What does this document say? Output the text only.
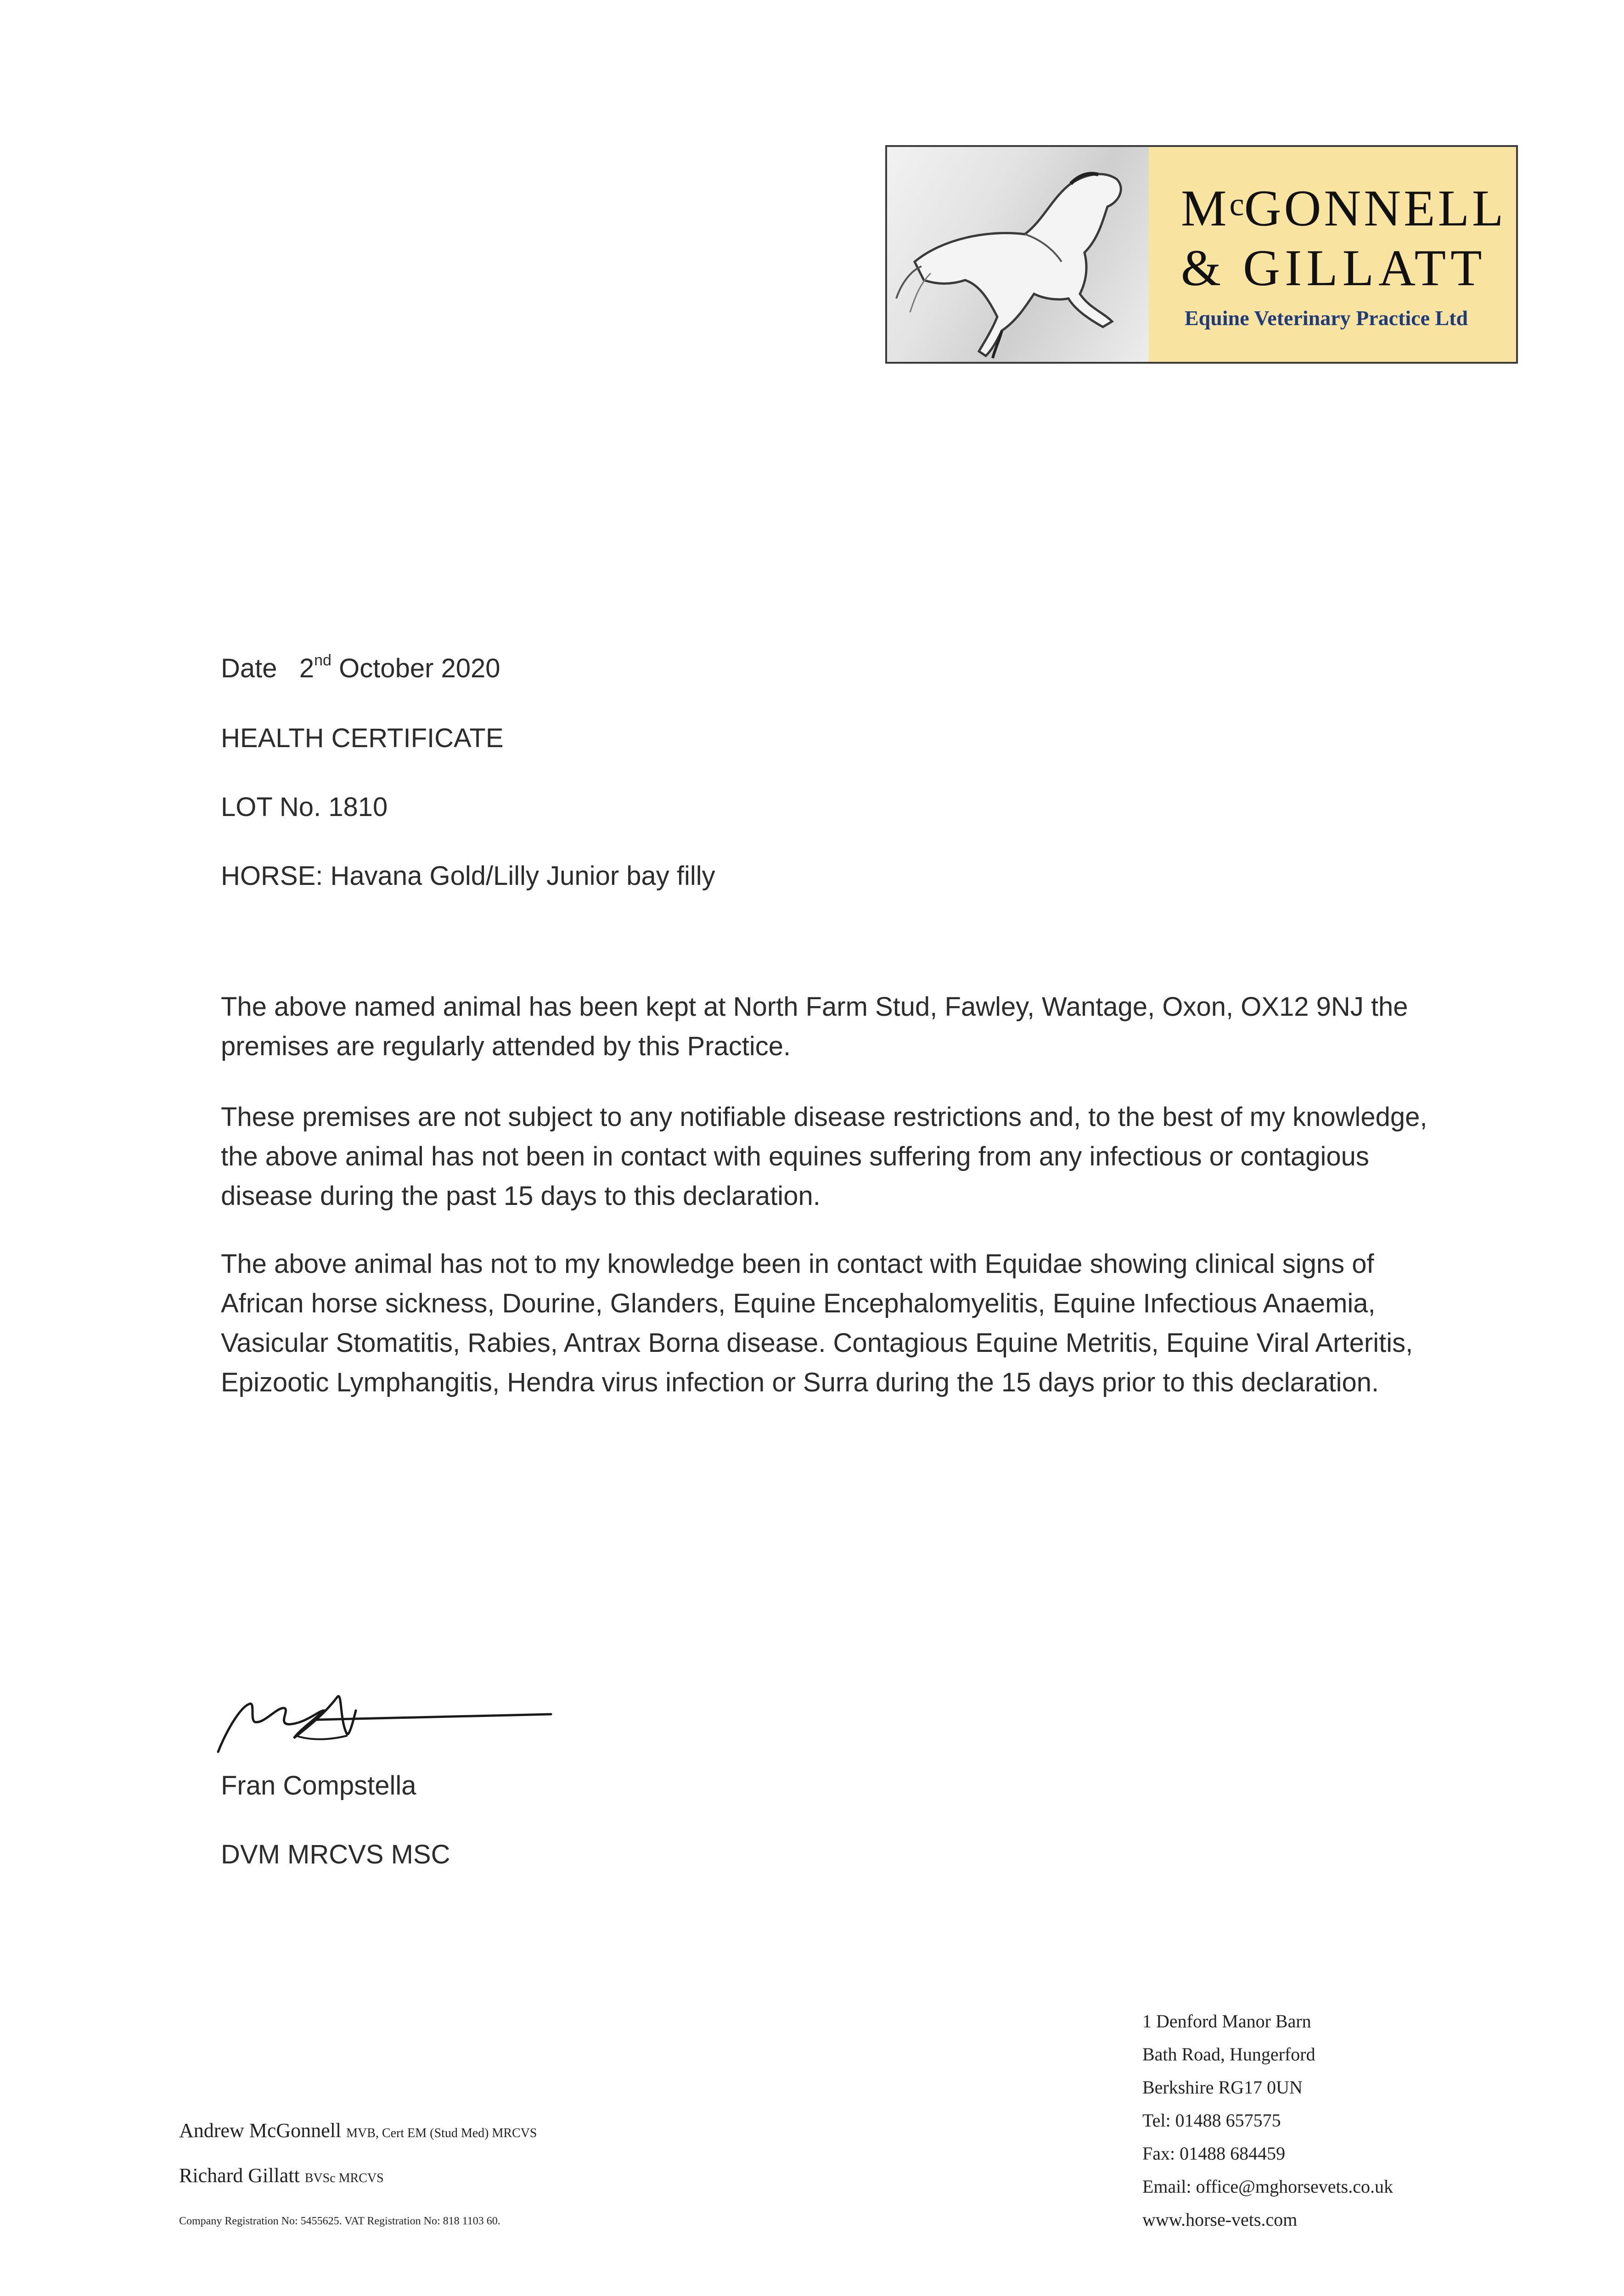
McGONNELL
& GILLATT
Equine Veterinary Practice Ltd
Date 2nd October 2020
HEALTH CERTIFICATE
LOT No. 1810
HORSE: Havana Gold/Lilly Junior bay filly
The above named animal has been kept at North Farm Stud, Fawley, Wantage, Oxon, OX12 9NJ the premises are regularly attended by this Practice.
These premises are not subject to any notifiable disease restrictions and, to the best of my knowledge, the above animal has not been in contact with equines suffering from any infectious or contagious disease during the past 15 days to this declaration.
The above animal has not to my knowledge been in contact with Equidae showing clinical signs of African horse sickness, Dourine, Glanders, Equine Encephalomyelitis, Equine Infectious Anaemia, Vasicular Stomatitis, Rabies, Antrax Borna disease. Contagious Equine Metritis, Equine Viral Arteritis, Epizootic Lymphangitis, Hendra virus infection or Surra during the 15 days prior to this declaration.
Fran Compstella
DVM MRCVS MSC
Andrew McGonnell MVB, Cert EM (Stud Med) MRCVS
Richard Gillatt BVSc MRCVS
Company Registration No: 5455625. VAT Registration No: 818 1103 60.
1 Denford Manor Barn
Bath Road, Hungerford
Berkshire RG17 0UN
Tel: 01488 657575
Fax: 01488 684459
Email: office@mghorsevets.co.uk
www.horse-vets.com
